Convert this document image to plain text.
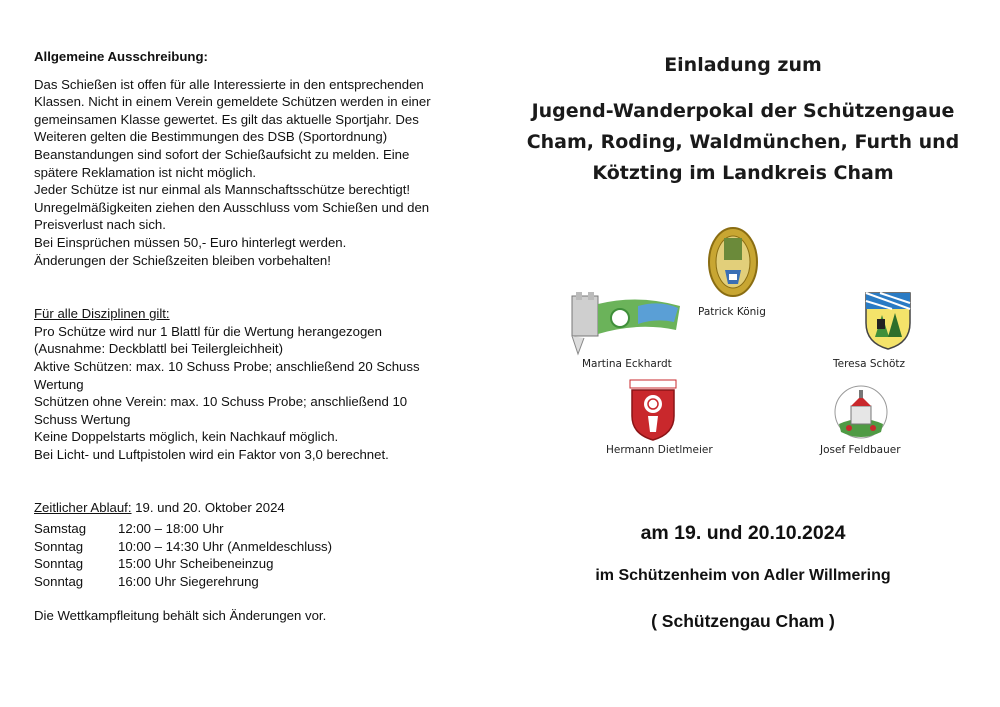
Allgemeine Ausschreibung:

Das Schießen ist offen für alle Interessierte in den entsprechenden

Klassen. Nicht in einem Verein gemeldete Schützen werden in einer

gemeinsamen Klasse gewertet. Es gilt das aktuelle Sportjahr. Des

Weiteren gelten die Bestimmungen des DSB (Sportordnung)

Beanstandungen sind sofort der Schießaufsicht zu melden. Eine

spätere Reklamation ist nicht möglich.

Jeder Schütze ist nur einmal als Mannschaftsschütze berechtigt!

Unregelmäßigkeiten ziehen den Ausschluss vom Schießen und den

Preisverlust nach sich.

Bei Einsprüchen müssen 50,- Euro hinterlegt werden.

Änderungen der Schießzeiten bleiben vorbehalten!

Für alle Disziplinen gilt:

Pro Schütze wird nur 1 Blattl für die Wertung herangezogen

(Ausnahme: Deckblattl bei Teilergleichheit)

Aktive Schützen: max. 10 Schuss Probe; anschließend 20 Schuss

Wertung

Schützen ohne Verein: max. 10 Schuss Probe; anschließend 10

Schuss Wertung

Keine Doppelstarts möglich, kein Nachkauf möglich.

Bei Licht- und Luftpistolen wird ein Faktor von 3,0 berechnet.

Zeitlicher Ablauf: 19. und 20. Oktober 2024

Samstag	12:00 – 18:00 Uhr
Sonntag	10:00 – 14:30 Uhr (Anmeldeschluss)
Sonntag	15:00 Uhr Scheibeneinzug
Sonntag	16:00 Uhr Siegerehrung

Die Wettkampfleitung behält sich Änderungen vor.

Einladung zum
Jugend-Wanderpokal der Schützengaue
Cham, Roding, Waldmünchen, Furth und
Kötzting im Landkreis Cham
Patrick König
Martina Eckhardt	Teresa Schötz
Hermann Dietlmeier	Josef Feldbauer
am 19. und 20.10.2024
im Schützenheim von Adler Willmering
( Schützengau Cham )
